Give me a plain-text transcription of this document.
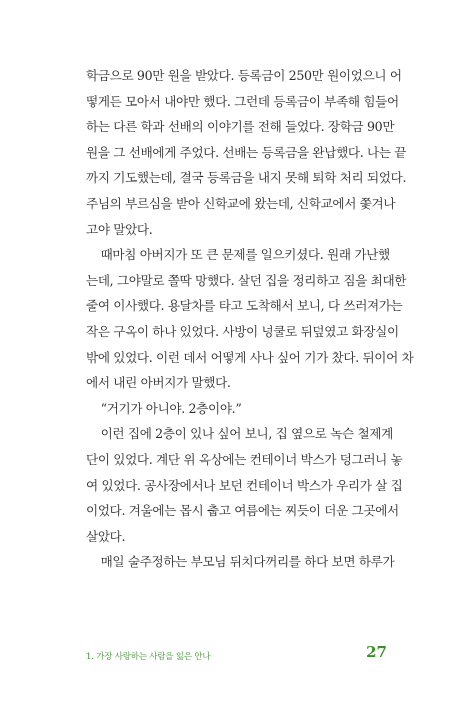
학금으로 90만 원을 받았다. 등록금이 250만 원이었으니 어
떻게든 모아서 내야만 했다. 그런데 등록금이 부족해 힘들어
하는 다른 학과 선배의 이야기를 전해 들었다. 장학금 90만
원을 그 선배에게 주었다. 선배는 등록금을 완납했다. 나는 끝
까지 기도했는데, 결국 등록금을 내지 못해 퇴학 처리 되었다.
주님의 부르심을 받아 신학교에 왔는데, 신학교에서 쫓겨나
고야 말았다.
때마침 아버지가 또 큰 문제를 일으키셨다. 원래 가난했
는데, 그야말로 쫄딱 망했다. 살던 집을 정리하고 짐을 최대한
줄여 이사했다. 용달차를 타고 도착해서 보니, 다 쓰러져가는
작은 구옥이 하나 있었다. 사방이 넝쿨로 뒤덮였고 화장실이
밖에 있었다. 이런 데서 어떻게 사나 싶어 기가 찼다. 뒤이어 차
에서 내린 아버지가 말했다.
“거기가 아니야. 2층이야.”
이런 집에 2층이 있나 싶어 보니, 집 옆으로 녹슨 철제계
단이 있었다. 계단 위 옥상에는 컨테이너 박스가 덩그러니 놓
여 있었다. 공사장에서나 보던 컨테이너 박스가 우리가 살 집
이었다. 겨울에는 몹시 춥고 여름에는 찌듯이 더운 그곳에서
살았다.
매일 술주정하는 부모님 뒤치다꺼리를 하다 보면 하루가
1. 가장 사랑하는 사람을 잃은 안나	27
